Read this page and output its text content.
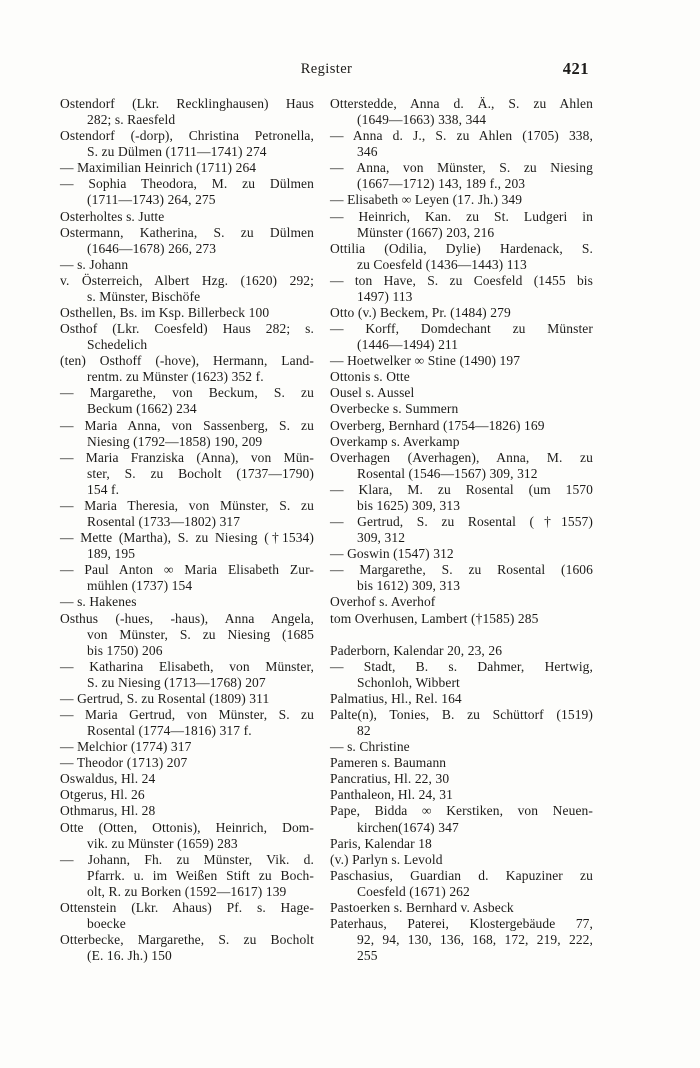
Register	421
Ostendorf (Lkr. Recklinghausen) Haus
282; s. Raesfeld
Ostendorf (-dorp), Christina Petronella,
S. zu Dülmen (1711—1741) 274
— Maximilian Heinrich (1711) 264
— Sophia Theodora, M. zu Dülmen
(1711—1743) 264, 275
Osterholtes s. Jutte
Ostermann, Katherina, S. zu Dülmen
(1646—1678) 266, 273
— s. Johann
v. Österreich, Albert Hzg. (1620) 292;
s. Münster, Bischöfe
Osthellen, Bs. im Ksp. Billerbeck 100
Osthof (Lkr. Coesfeld) Haus 282; s.
Schedelich
(ten) Osthoff (-hove), Hermann, Land-
rentm. zu Münster (1623) 352 f.
— Margarethe, von Beckum, S. zu
Beckum (1662) 234
— Maria Anna, von Sassenberg, S. zu
Niesing (1792—1858) 190, 209
— Maria Franziska (Anna), von Mün-
ster, S. zu Bocholt (1737—1790)
154 f.
— Maria Theresia, von Münster, S. zu
Rosental (1733—1802) 317
— Mette (Martha), S. zu Niesing (†1534)
189, 195
— Paul Anton ∞ Maria Elisabeth Zur-
mühlen (1737) 154
— s. Hakenes
Osthus (-hues, -haus), Anna Angela,
von Münster, S. zu Niesing (1685
bis 1750) 206
— Katharina Elisabeth, von Münster,
S. zu Niesing (1713—1768) 207
— Gertrud, S. zu Rosental (1809) 311
— Maria Gertrud, von Münster, S. zu
Rosental (1774—1816) 317 f.
— Melchior (1774) 317
— Theodor (1713) 207
Oswaldus, Hl. 24
Otgerus, Hl. 26
Othmarus, Hl. 28
Otte (Otten, Ottonis), Heinrich, Dom-
vik. zu Münster (1659) 283
— Johann, Fh. zu Münster, Vik. d.
Pfarrk. u. im Weißen Stift zu Boch-
olt, R. zu Borken (1592—1617) 139
Ottenstein (Lkr. Ahaus) Pf. s. Hage-
boecke
Otterbecke, Margarethe, S. zu Bocholt
(E. 16. Jh.) 150
Otterstedde, Anna d. Ä., S. zu Ahlen
(1649—1663) 338, 344
— Anna d. J., S. zu Ahlen (1705) 338,
346
— Anna, von Münster, S. zu Niesing
(1667—1712) 143, 189 f., 203
— Elisabeth ∞ Leyen (17. Jh.) 349
— Heinrich, Kan. zu St. Ludgeri in
Münster (1667) 203, 216
Ottilia (Odilia, Dylie) Hardenack, S.
zu Coesfeld (1436—1443) 113
— ton Have, S. zu Coesfeld (1455 bis
1497) 113
Otto (v.) Beckem, Pr. (1484) 279
— Korff, Domdechant zu Münster
(1446—1494) 211
— Hoetwelker ∞ Stine (1490) 197
Ottonis s. Otte
Ousel s. Aussel
Overbecke s. Summern
Overberg, Bernhard (1754—1826) 169
Overkamp s. Averkamp
Overhagen (Averhagen), Anna, M. zu
Rosental (1546—1567) 309, 312
— Klara, M. zu Rosental (um 1570
bis 1625) 309, 313
— Gertrud, S. zu Rosental (†1557)
309, 312
— Goswin (1547) 312
— Margarethe, S. zu Rosental (1606
bis 1612) 309, 313
Overhof s. Averhof
tom Overhusen, Lambert (†1585) 285
Paderborn, Kalendar 20, 23, 26
— Stadt, B. s. Dahmer, Hertwig,
Schonloh, Wibbert
Palmatius, Hl., Rel. 164
Palte(n), Tonies, B. zu Schüttorf (1519)
82
— s. Christine
Pameren s. Baumann
Pancratius, Hl. 22, 30
Panthaleon, Hl. 24, 31
Pape, Bidda ∞ Kerstiken, von Neuen-
kirchen(1674) 347
Paris, Kalendar 18
(v.) Parlyn s. Levold
Paschasius, Guardian d. Kapuziner zu
Coesfeld (1671) 262
Pastoerken s. Bernhard v. Asbeck
Paterhaus, Paterei, Klostergebäude 77,
92, 94, 130, 136, 168, 172, 219, 222,
255
